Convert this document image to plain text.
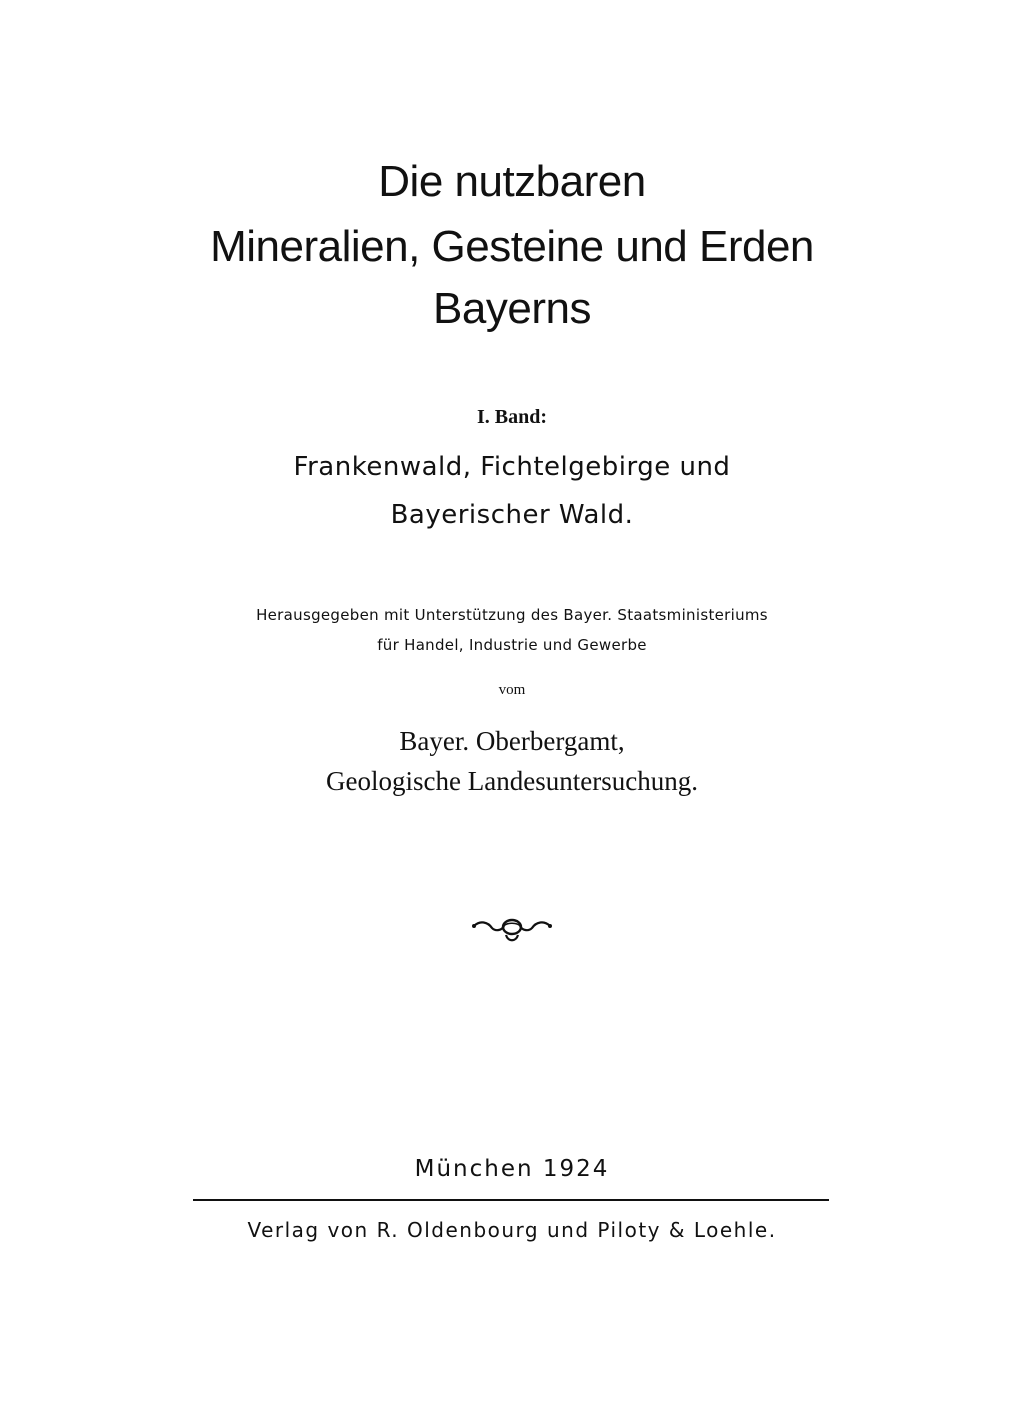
Die nutzbaren
Mineralien, Gesteine und Erden
Bayerns
I. Band:
Frankenwald, Fichtelgebirge und
Bayerischer Wald.
Herausgegeben mit Unterstützung des Bayer. Staatsministeriums
für Handel, Industrie und Gewerbe
vom
Bayer. Oberbergamt,
Geologische Landesuntersuchung.
München 1924
Verlag von R. Oldenbourg und Piloty & Loehle.
